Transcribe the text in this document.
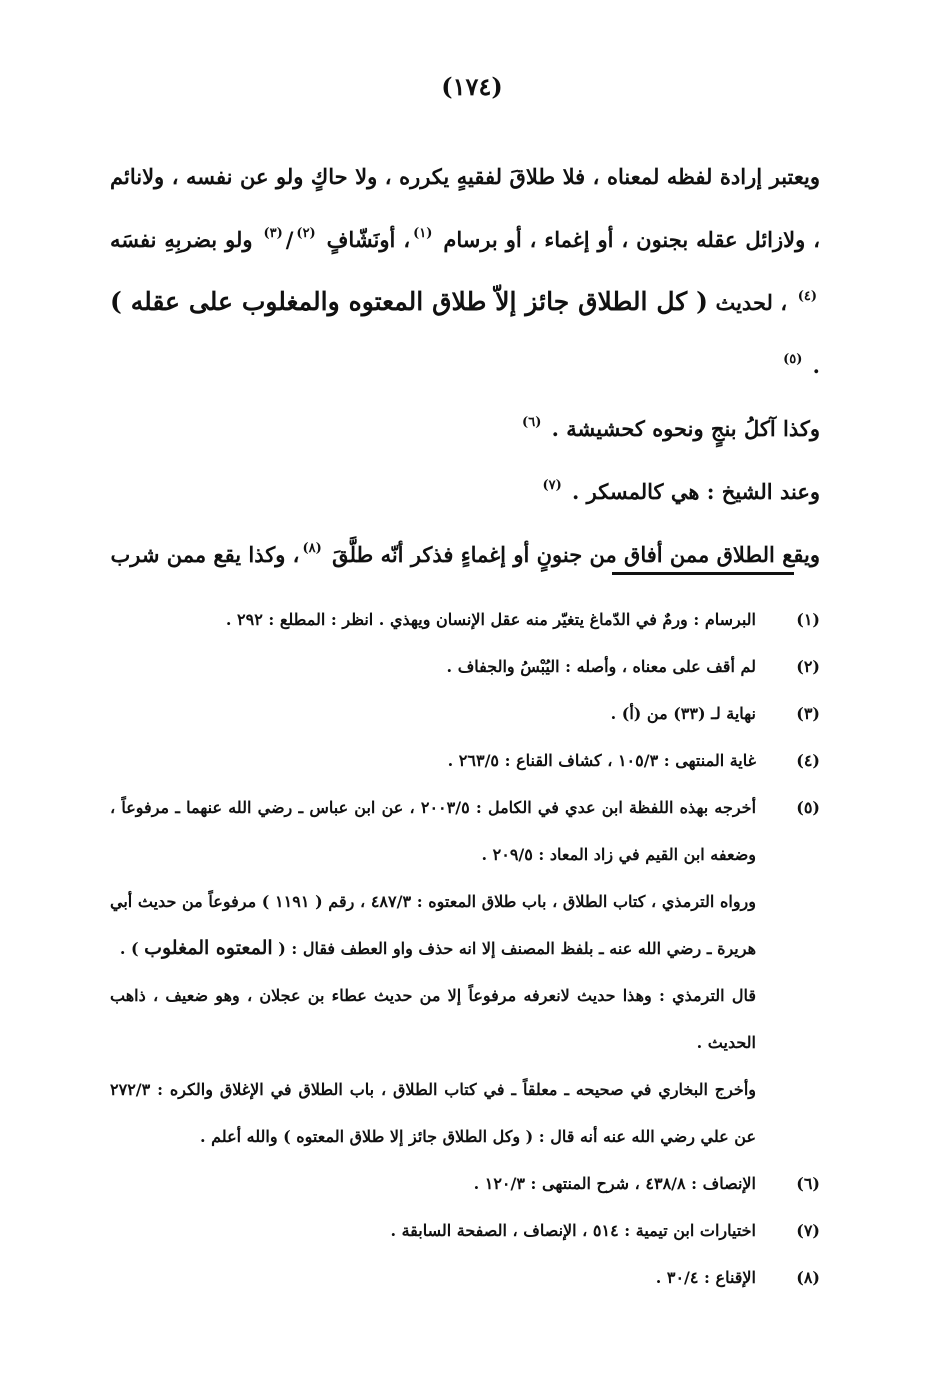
(١٧٤)

ويعتبر إرادة لفظه لمعناه ، فلا طلاقَ لفقيهٍ يكرره ، ولا حاكٍ ولو عن نفسه ، ولانائم ، ولازائل عقله بجنون ، أو إغماء ، أو برسام $^{(١)}$، أونَشّافٍ $^{(٢)}$/$^{(٣)}$ ولو بضربِهِ نفسَه $^{(٤)}$ ، لحديث ( كل الطلاق جائز إلاّ طلاق المعتوه والمغلوب على عقله ) . $^{(٥)}$

وكذا آكلُ بنجٍ ونحوه كحشيشة . $^{(٦)}$

وعند الشيخ : هي كالمسكر . $^{(٧)}$

ويقع الطلاق ممن أفاق من جنونٍ أو إغماءٍ فذكر أنّه طلَّقَ $^{(٨)}$، وكذا يقع ممن شرب

(١)

البرسام : ورمٌ في الدّماغ يتغيّر منه عقل الإنسان ويهذي . انظر : المطلع : ٢٩٢ .

(٢)

لم أقف على معناه ، وأصله : اليُبْسُ والجفاف .

(٣)

نهاية لـ (٣٣) من (أ) .

(٤)

غاية المنتهى : ١٠٥/٣ ، كشاف القناع : ٢٦٣/٥ .

(٥)

أخرجه بهذه اللفظة ابن عدي في الكامل : ٢٠٠٣/٥ ، عن ابن عباس ـ رضي الله عنهما ـ مرفوعاً ، وضعفه ابن القيم في زاد المعاد : ٢٠٩/٥ .

ورواه الترمذي ، كتاب الطلاق ، باب طلاق المعتوه : ٤٨٧/٣ ، رقم ( ١١٩١ ) مرفوعاً من حديث أبي هريرة ـ رضي الله عنه ـ بلفظ المصنف إلا انه حذف واو العطف فقال : ( المعتوه المغلوب ) .

قال الترمذي : وهذا حديث لانعرفه مرفوعاً إلا من حديث عطاء بن عجلان ، وهو ضعيف ، ذاهب الحديث .

وأخرج البخاري في صحيحه ـ معلقاً ـ في كتاب الطلاق ، باب الطلاق في الإغلاق والكره : ٢٧٢/٣ عن علي رضي الله عنه أنه قال : ( وكل الطلاق جائز إلا طلاق المعتوه ) والله أعلم .

(٦)

الإنصاف : ٤٣٨/٨ ، شرح المنتهى : ١٢٠/٣ .

(٧)

اختيارات ابن تيمية : ٥١٤ ، الإنصاف ، الصفحة السابقة .

(٨)

الإقناع : ٣٠/٤ .
